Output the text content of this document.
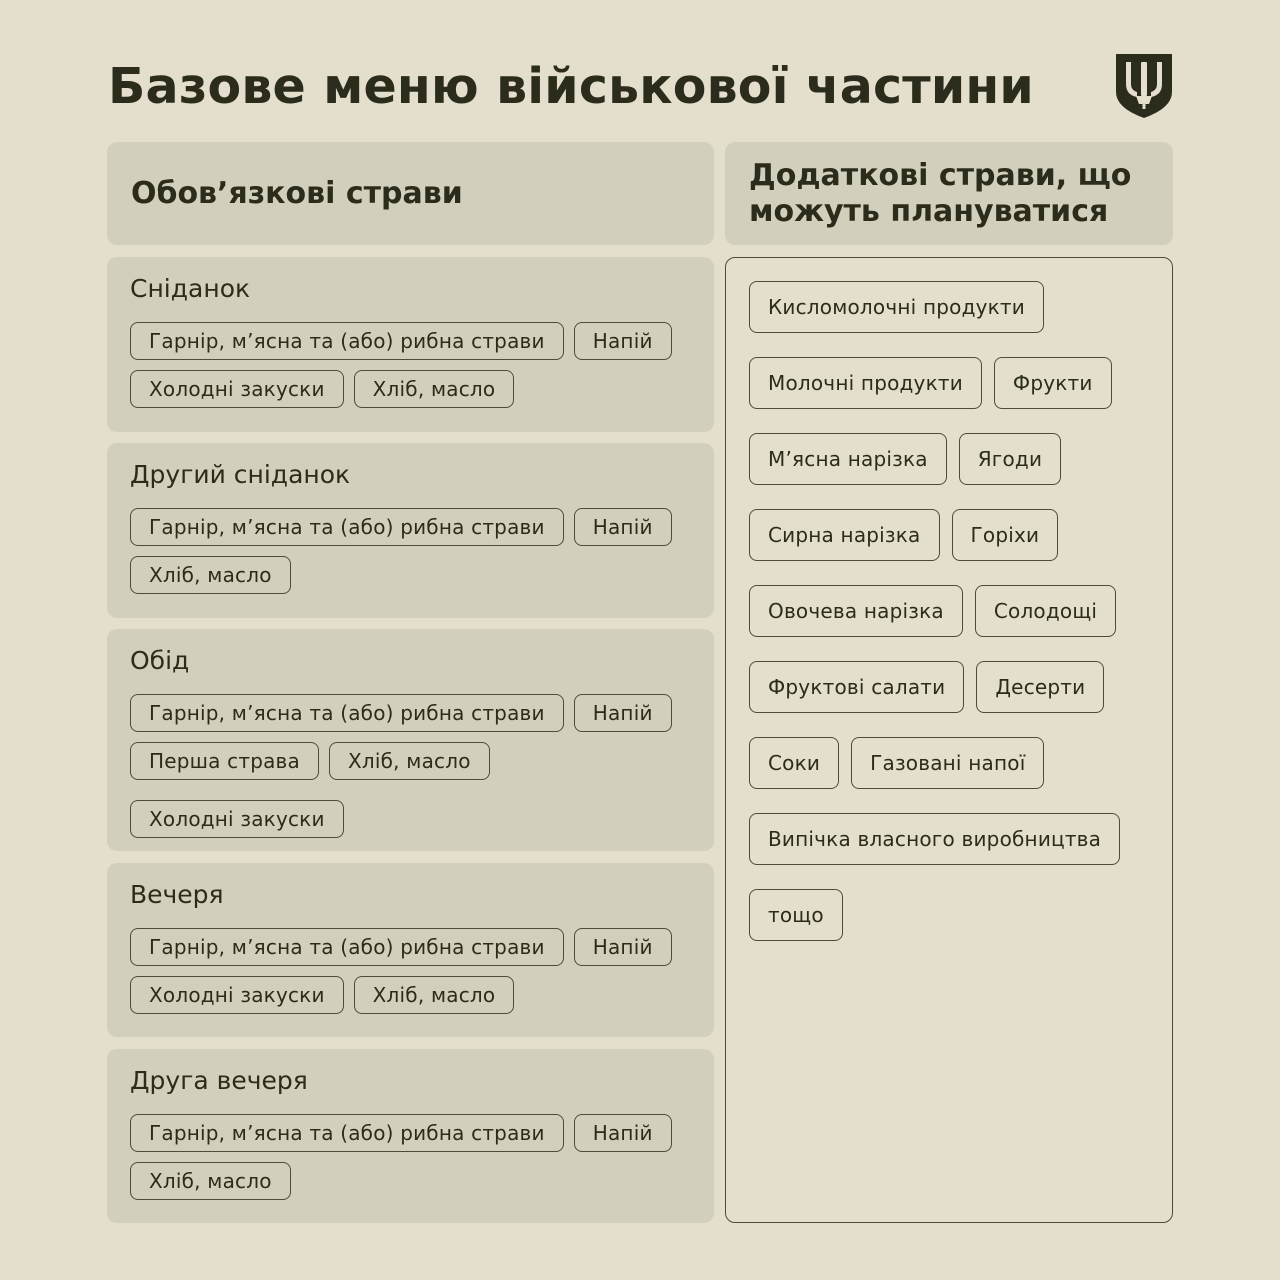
Базове меню військової частини
Обов’язкові страви
Додаткові страви, що
можуть плануватися
Сніданок
Гарнір, м’ясна та (або) рибна страви	Напій
Холодні закуски	Хліб, масло
Другий сніданок
Гарнір, м’ясна та (або) рибна страви	Напій
Хліб, масло
Обід
Гарнір, м’ясна та (або) рибна страви	Напій
Перша страва	Хліб, масло
Холодні закуски
Вечеря
Гарнір, м’ясна та (або) рибна страви	Напій
Холодні закуски	Хліб, масло
Друга вечеря
Гарнір, м’ясна та (або) рибна страви	Напій
Хліб, масло
Кисломолочні продукти
Молочні продукти	Фрукти
М’ясна нарізка	Ягоди
Сирна нарізка	Горіхи
Овочева нарізка	Солодощі
Фруктові салати	Десерти
Соки	Газовані напої
Випічка власного виробництва
тощо
